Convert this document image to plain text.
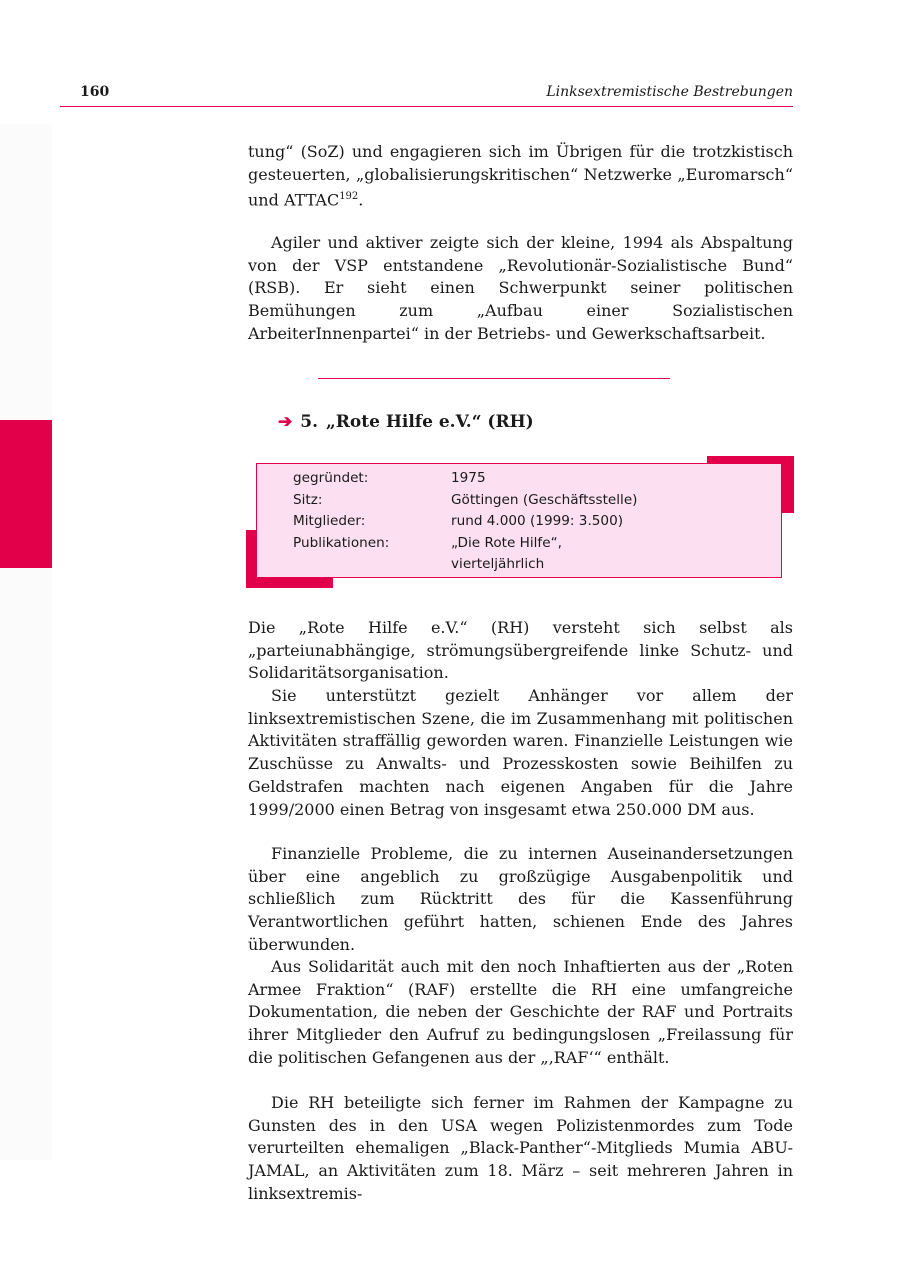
160	Linksextremistische Bestrebungen
tung“ (SoZ) und engagieren sich im Übrigen für die trotzkistisch gesteuerten, „globalisierungskritischen“ Netzwerke „Euromarsch“ und ATTAC$^{192}$.
Agiler und aktiver zeigte sich der kleine, 1994 als Abspaltung von der VSP entstandene „Revolutionär-Sozialistische Bund“ (RSB). Er sieht einen Schwerpunkt seiner politischen Bemühungen zum „Aufbau einer Sozialistischen ArbeiterInnenpartei“ in der Betriebs- und Gewerkschaftsarbeit.
➔ 5. „Rote Hilfe e.V.“ (RH)
gegründet:	1975
Sitz:	Göttingen (Geschäftsstelle)
Mitglieder:	rund 4.000 (1999: 3.500)
Publikationen:	„Die Rote Hilfe“,
vierteljährlich
Die „Rote Hilfe e.V.“ (RH) versteht sich selbst als „parteiunabhängige, strömungsübergreifende linke Schutz- und Solidaritätsorganisation.
Sie unterstützt gezielt Anhänger vor allem der linksextremistischen Szene, die im Zusammenhang mit politischen Aktivitäten straffällig geworden waren. Finanzielle Leistungen wie Zuschüsse zu Anwalts- und Prozesskosten sowie Beihilfen zu Geldstrafen machten nach eigenen Angaben für die Jahre 1999/2000 einen Betrag von insgesamt etwa 250.000 DM aus.
Finanzielle Probleme, die zu internen Auseinandersetzungen über eine angeblich zu großzügige Ausgabenpolitik und schließlich zum Rücktritt des für die Kassenführung Verantwortlichen geführt hatten, schienen Ende des Jahres überwunden.
Aus Solidarität auch mit den noch Inhaftierten aus der „Roten Armee Fraktion“ (RAF) erstellte die RH eine umfangreiche Dokumentation, die neben der Geschichte der RAF und Portraits ihrer Mitglieder den Aufruf zu bedingungslosen „Freilassung für die politischen Gefangenen aus der „‚RAF‘“ enthält.
Die RH beteiligte sich ferner im Rahmen der Kampagne zu Gunsten des in den USA wegen Polizistenmordes zum Tode verurteilten ehemaligen „Black-Panther“-Mitglieds Mumia ABU-JAMAL, an Aktivitäten zum 18. März – seit mehreren Jahren in linksextremis-
